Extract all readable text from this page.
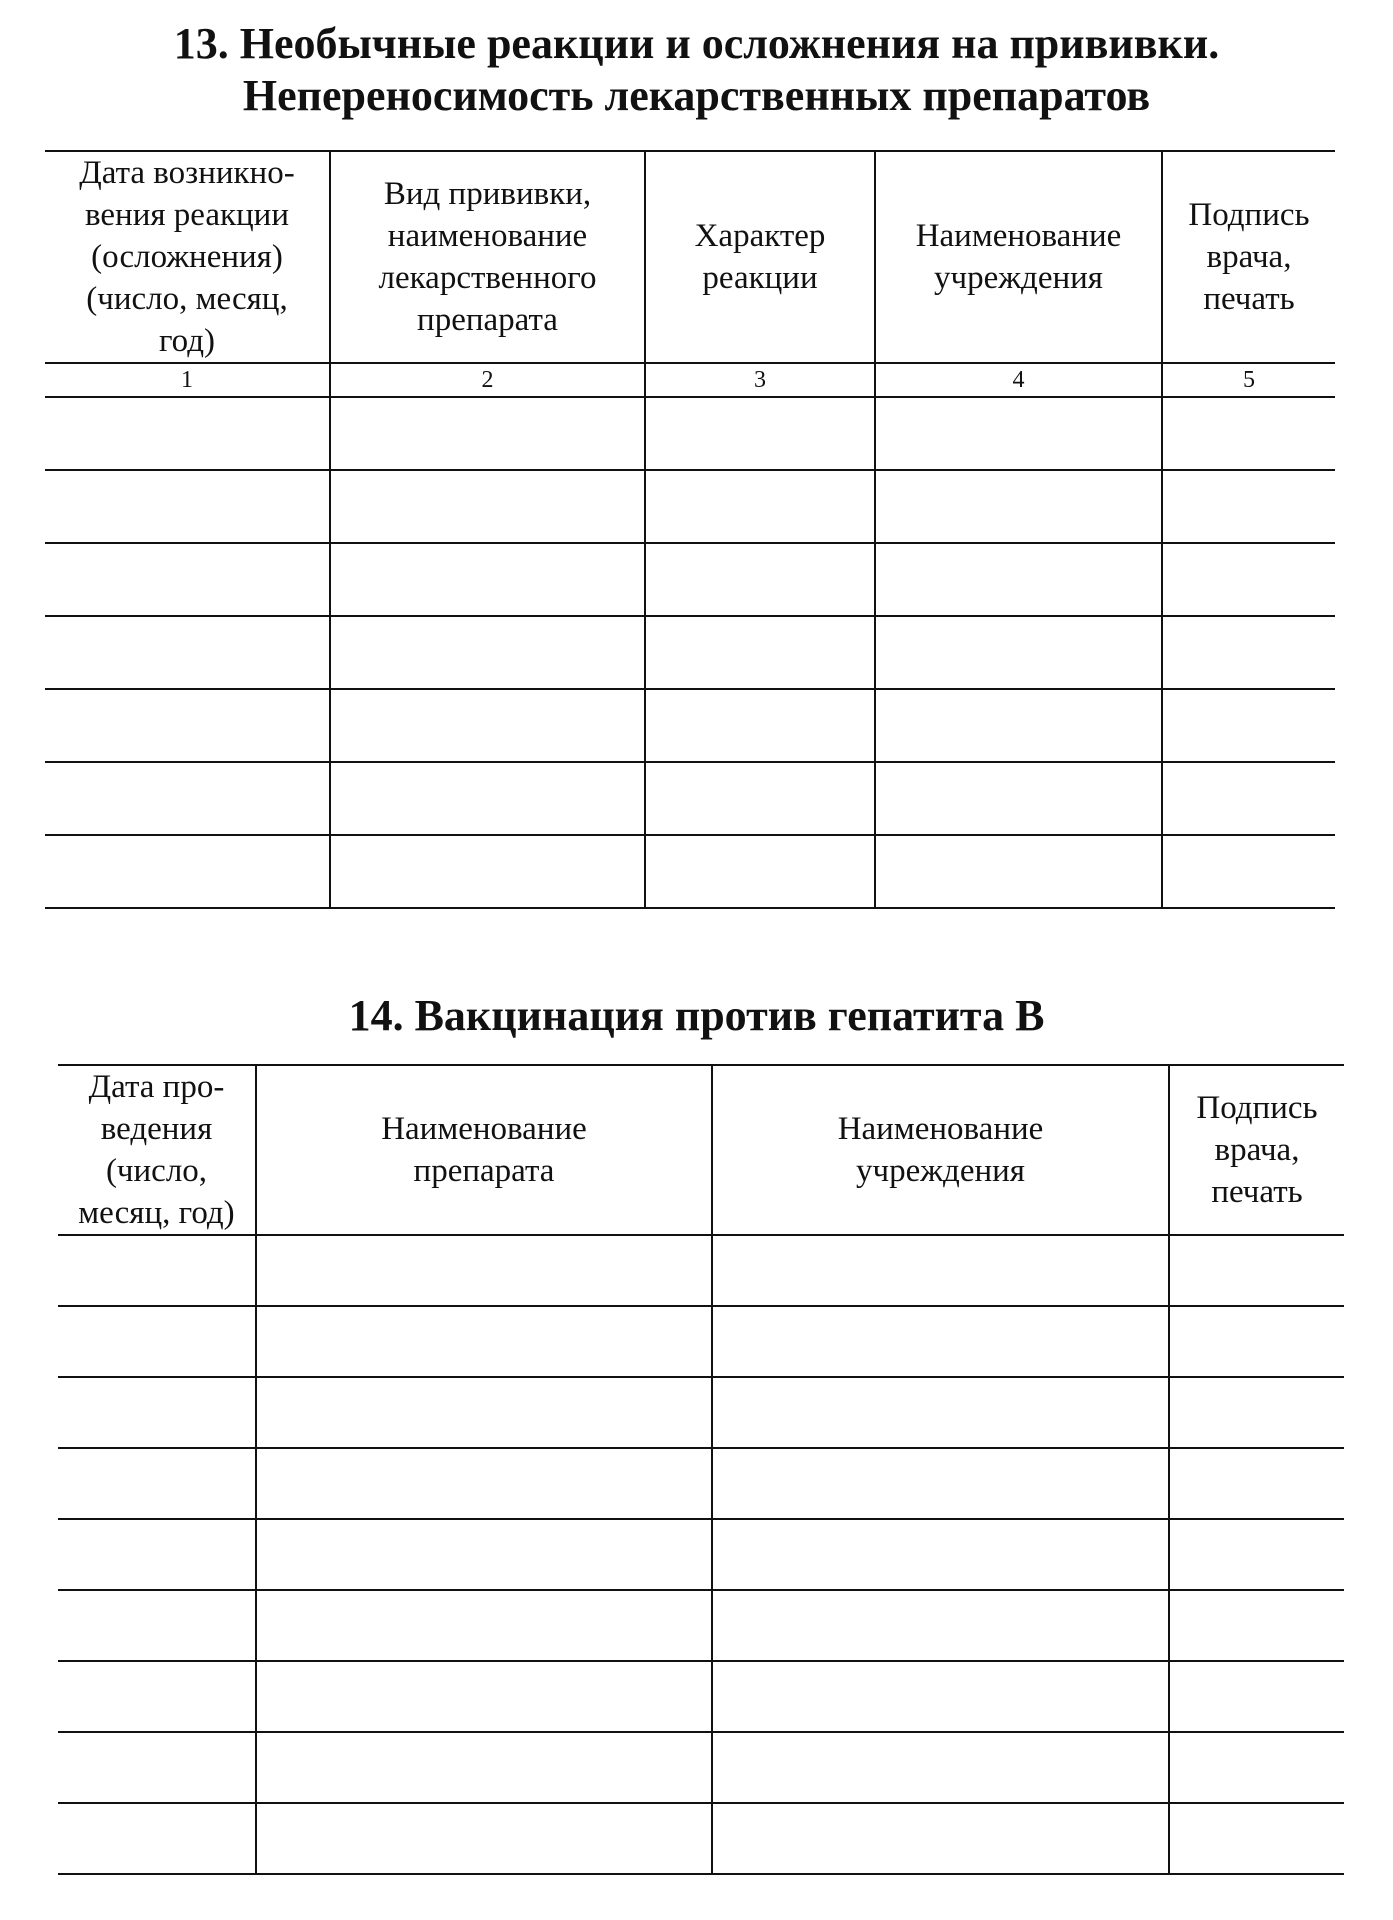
13. Необычные реакции и осложнения на прививки.
Непереносимость лекарственных препаратов
Дата возникно-
вения реакции
(осложнения)
(число, месяц,
год)	Вид прививки,
наименование
лекарственного
препарата	Характер
реакции	Наименование
учреждения	Подпись
врача,
печать

1	2	3	4	5

14. Вакцинация против гепатита B
Дата про-
ведения
(число,
месяц, год)	Наименование
препарата	Наименование
учреждения	Подпись
врача,
печать
